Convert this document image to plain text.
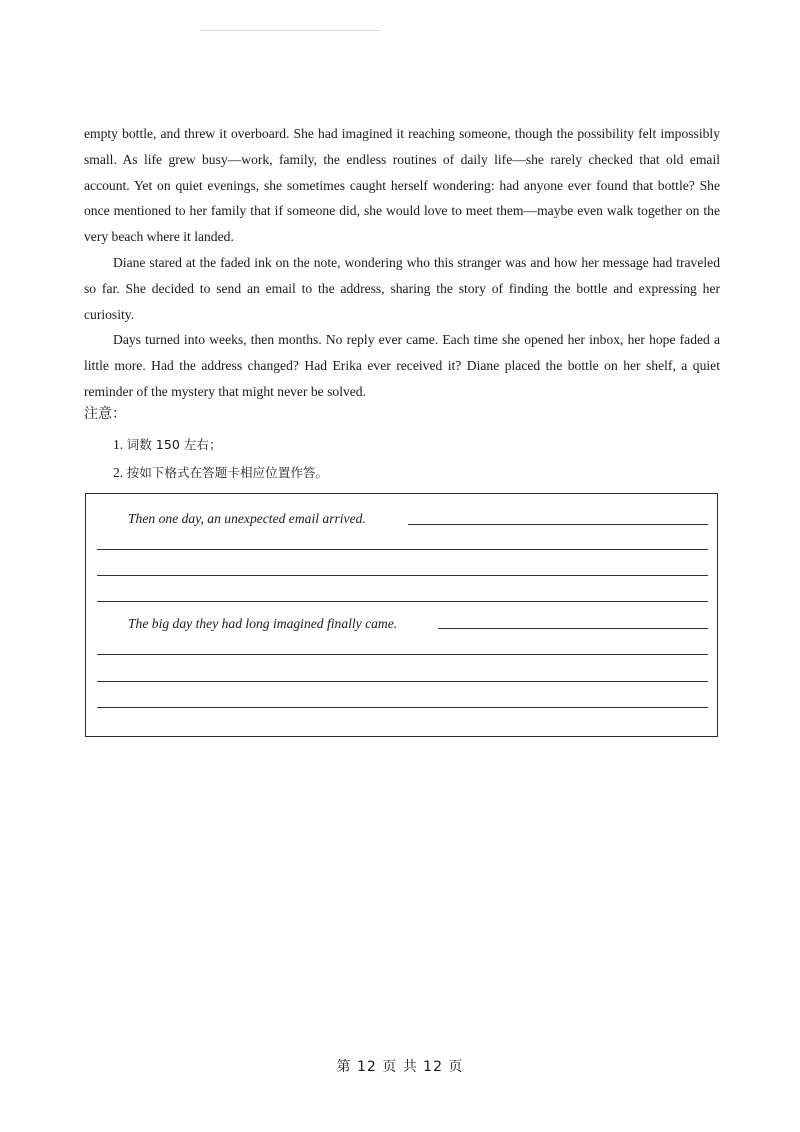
empty bottle, and threw it overboard. She had imagined it reaching someone, though the possibility felt impossibly small. As life grew busy—work, family, the endless routines of daily life—she rarely checked that old email account. Yet on quiet evenings, she sometimes caught herself wondering: had anyone ever found that bottle? She once mentioned to her family that if someone did, she would love to meet them—maybe even walk together on the very beach where it landed.

Diane stared at the faded ink on the note, wondering who this stranger was and how her message had traveled so far. She decided to send an email to the address, sharing the story of finding the bottle and expressing her curiosity.

Days turned into weeks, then months. No reply ever came. Each time she opened her inbox, her hope faded a little more. Had the address changed? Had Erika ever received it? Diane placed the bottle on her shelf, a quiet reminder of the mystery that might never be solved.

注意：
1. 词数 150 左右；
2. 按如下格式在答题卡相应位置作答。
Then one day, an unexpected email arrived.
The big day they had long imagined finally came.
第 12 页 共 12 页
